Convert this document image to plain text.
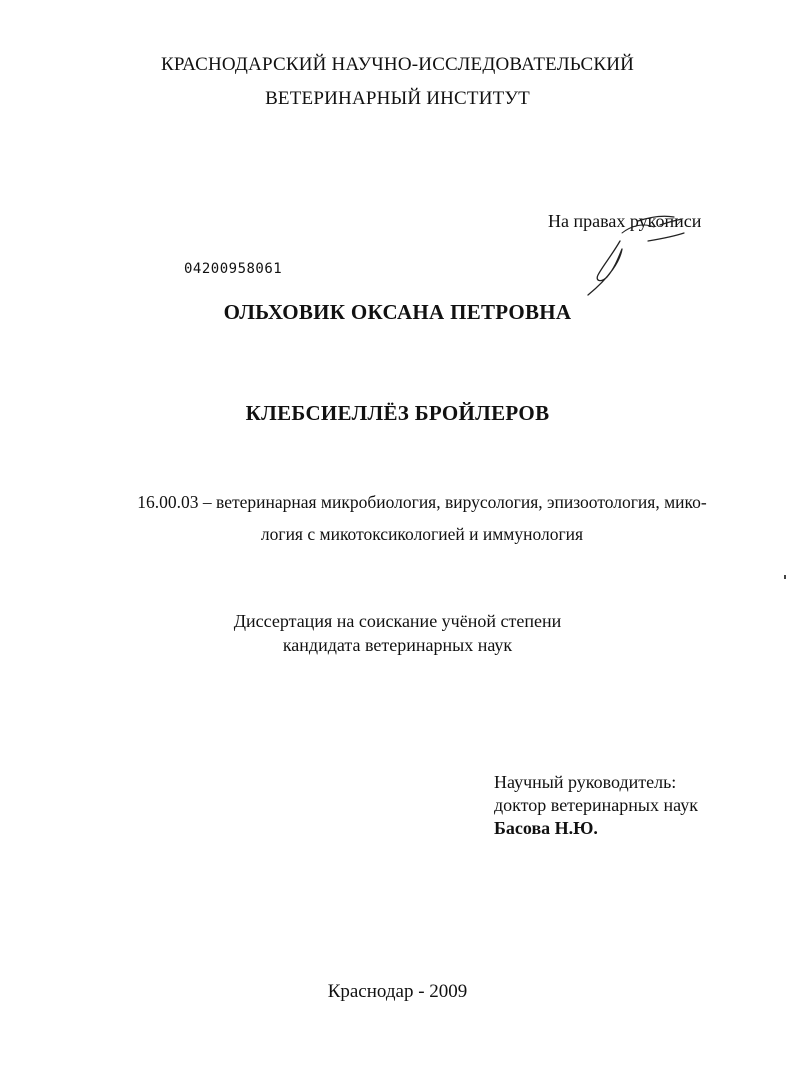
КРАСНОДАРСКИЙ НАУЧНО-ИССЛЕДОВАТЕЛЬСКИЙ
ВЕТЕРИНАРНЫЙ ИНСТИТУТ
На правах рукописи
04200958061
ОЛЬХОВИК ОКСАНА ПЕТРОВНА
КЛЕБСИЕЛЛЁЗ БРОЙЛЕРОВ
16.00.03 – ветеринарная микробиология, вирусология, эпизоотология, мико-
логия с микотоксикологией и иммунология
Диссертация на соискание учёной степени
кандидата ветеринарных наук
Научный руководитель:
доктор ветеринарных наук
Басова Н.Ю.
Краснодар - 2009
